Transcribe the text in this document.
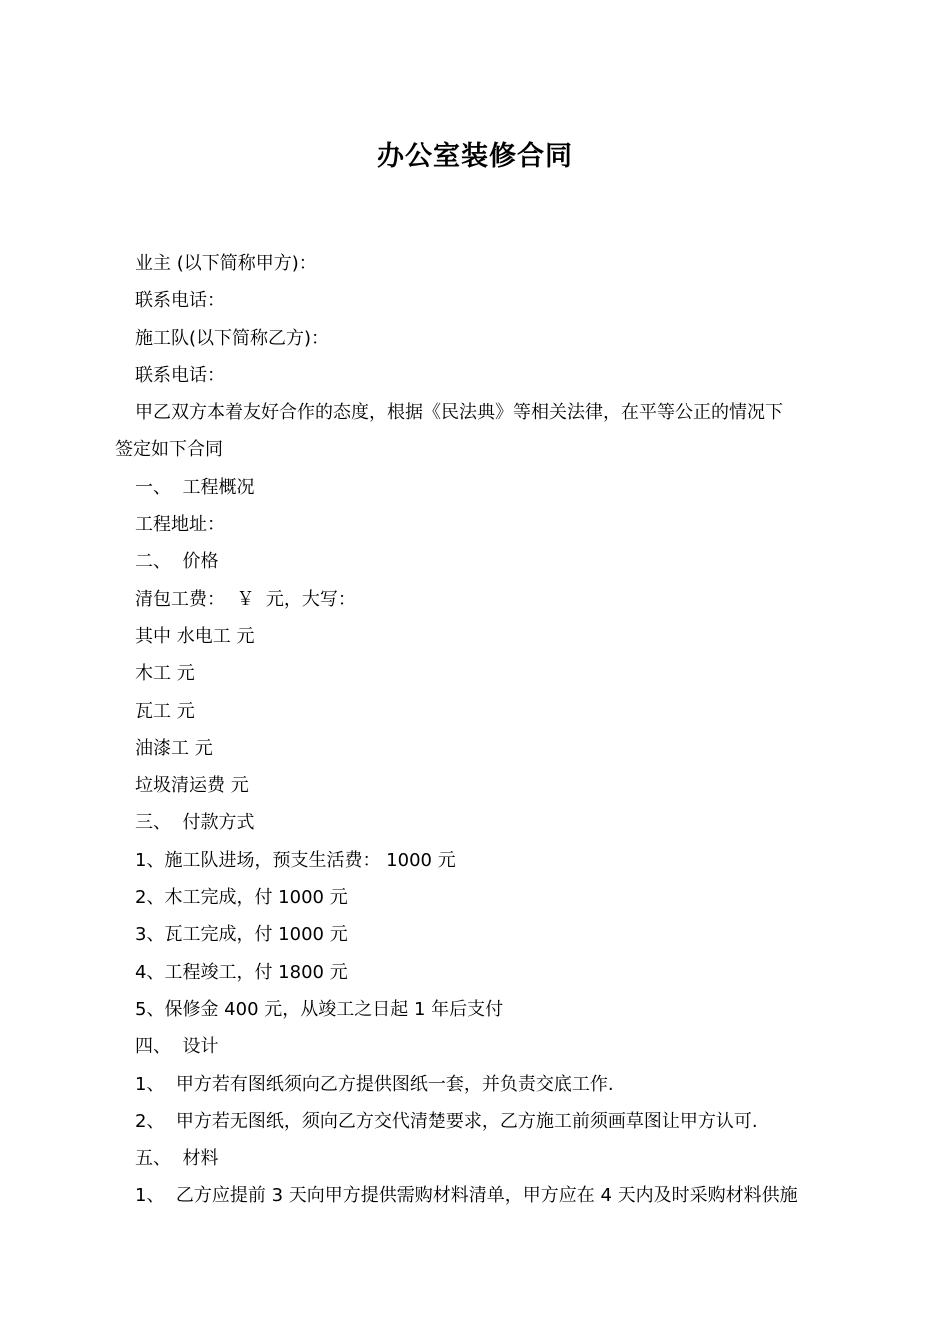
办公室装修合同

业主 (以下简称甲方)：

联系电话：

施工队(以下简称乙方)：

联系电话：

甲乙双方本着友好合作的态度，根据《民法典》等相关法律，在平等公正的情况下

签定如下合同

一、  工程概况

工程地址：

二、  价格

清包工费：  ￥  元，大写：

其中 水电工 元

木工 元

瓦工 元

油漆工 元

垃圾清运费 元

三、  付款方式

1、施工队进场，预支生活费： 1000 元

2、木工完成，付 1000 元

3、瓦工完成，付 1000 元

4、工程竣工，付 1800 元

5、保修金 400 元，从竣工之日起 1 年后支付

四、  设计

1、  甲方若有图纸须向乙方提供图纸一套，并负责交底工作.

2、  甲方若无图纸，须向乙方交代清楚要求，乙方施工前须画草图让甲方认可.

五、  材料

1、  乙方应提前 3 天向甲方提供需购材料清单，甲方应在 4 天内及时采购材料供施
